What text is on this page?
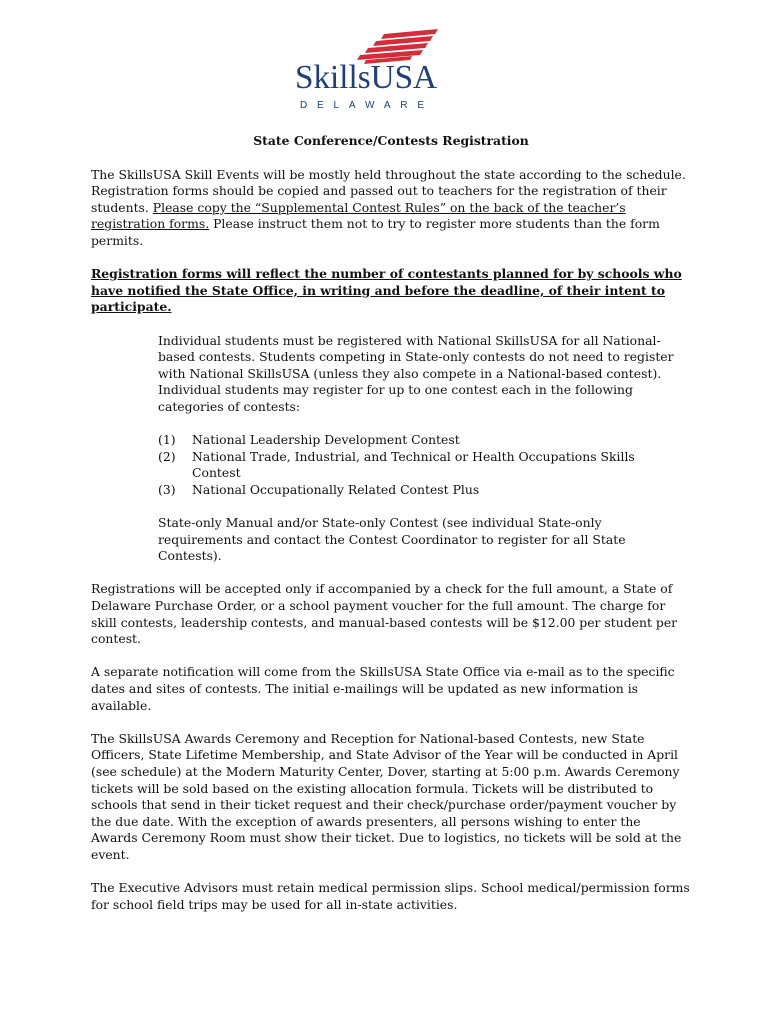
SkillsUSA
DELAWARE
State Conference/Contests Registration

The SkillsUSA Skill Events will be mostly held throughout the state according to the schedule. Registration forms should be copied and passed out to teachers for the registration of their students. Please copy the “Supplemental Contest Rules” on the back of the teacher’s registration forms. Please instruct them not to try to register more students than the form permits.

Registration forms will reflect the number of contestants planned for by schools who have notified the State Office, in writing and before the deadline, of their intent to participate.

Individual students must be registered with National SkillsUSA for all National-based contests. Students competing in State-only contests do not need to register with National SkillsUSA (unless they also compete in a National-based contest). Individual students may register for up to one contest each in the following categories of contests:

(1)	National Leadership Development Contest
(2)	National Trade, Industrial, and Technical or Health Occupations Skills Contest
(3)	National Occupationally Related Contest Plus

State-only Manual and/or State-only Contest (see individual State-only requirements and contact the Contest Coordinator to register for all State Contests).

Registrations will be accepted only if accompanied by a check for the full amount, a State of Delaware Purchase Order, or a school payment voucher for the full amount. The charge for skill contests, leadership contests, and manual-based contests will be $12.00 per student per contest.

A separate notification will come from the SkillsUSA State Office via e-mail as to the specific dates and sites of contests. The initial e-mailings will be updated as new information is available.

The SkillsUSA Awards Ceremony and Reception for National-based Contests, new State Officers, State Lifetime Membership, and State Advisor of the Year will be conducted in April (see schedule) at the Modern Maturity Center, Dover, starting at 5:00 p.m. Awards Ceremony tickets will be sold based on the existing allocation formula. Tickets will be distributed to schools that send in their ticket request and their check/purchase order/payment voucher by the due date. With the exception of awards presenters, all persons wishing to enter the Awards Ceremony Room must show their ticket. Due to logistics, no tickets will be sold at the event.

The Executive Advisors must retain medical permission slips. School medical/permission forms for school field trips may be used for all in-state activities.
